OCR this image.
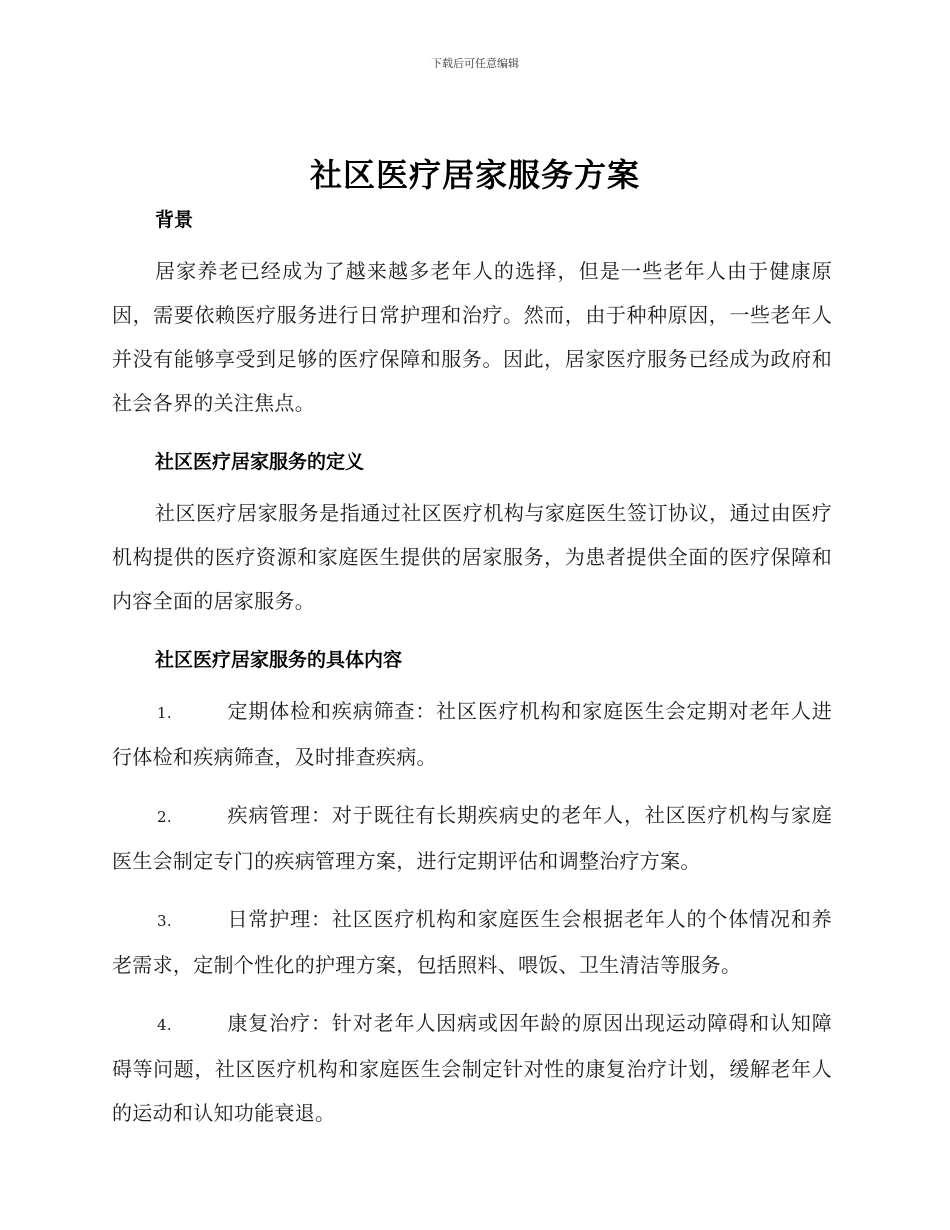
下载后可任意编辑
社区医疗居家服务方案
背景

居家养老已经成为了越来越多老年人的选择，但是一些老年人由于健康原因，需要依赖医疗服务进行日常护理和治疗。然而，由于种种原因，一些老年人并没有能够享受到足够的医疗保障和服务。因此，居家医疗服务已经成为政府和社会各界的关注焦点。

社区医疗居家服务的定义

社区医疗居家服务是指通过社区医疗机构与家庭医生签订协议，通过由医疗机构提供的医疗资源和家庭医生提供的居家服务，为患者提供全面的医疗保障和内容全面的居家服务。

社区医疗居家服务的具体内容

1.	定期体检和疾病筛查：社区医疗机构和家庭医生会定期对老年人进行体检和疾病筛查，及时排查疾病。

2.	疾病管理：对于既往有长期疾病史的老年人，社区医疗机构与家庭医生会制定专门的疾病管理方案，进行定期评估和调整治疗方案。

3.	日常护理：社区医疗机构和家庭医生会根据老年人的个体情况和养老需求，定制个性化的护理方案，包括照料、喂饭、卫生清洁等服务。

4.	康复治疗：针对老年人因病或因年龄的原因出现运动障碍和认知障碍等问题，社区医疗机构和家庭医生会制定针对性的康复治疗计划，缓解老年人的运动和认知功能衰退。
